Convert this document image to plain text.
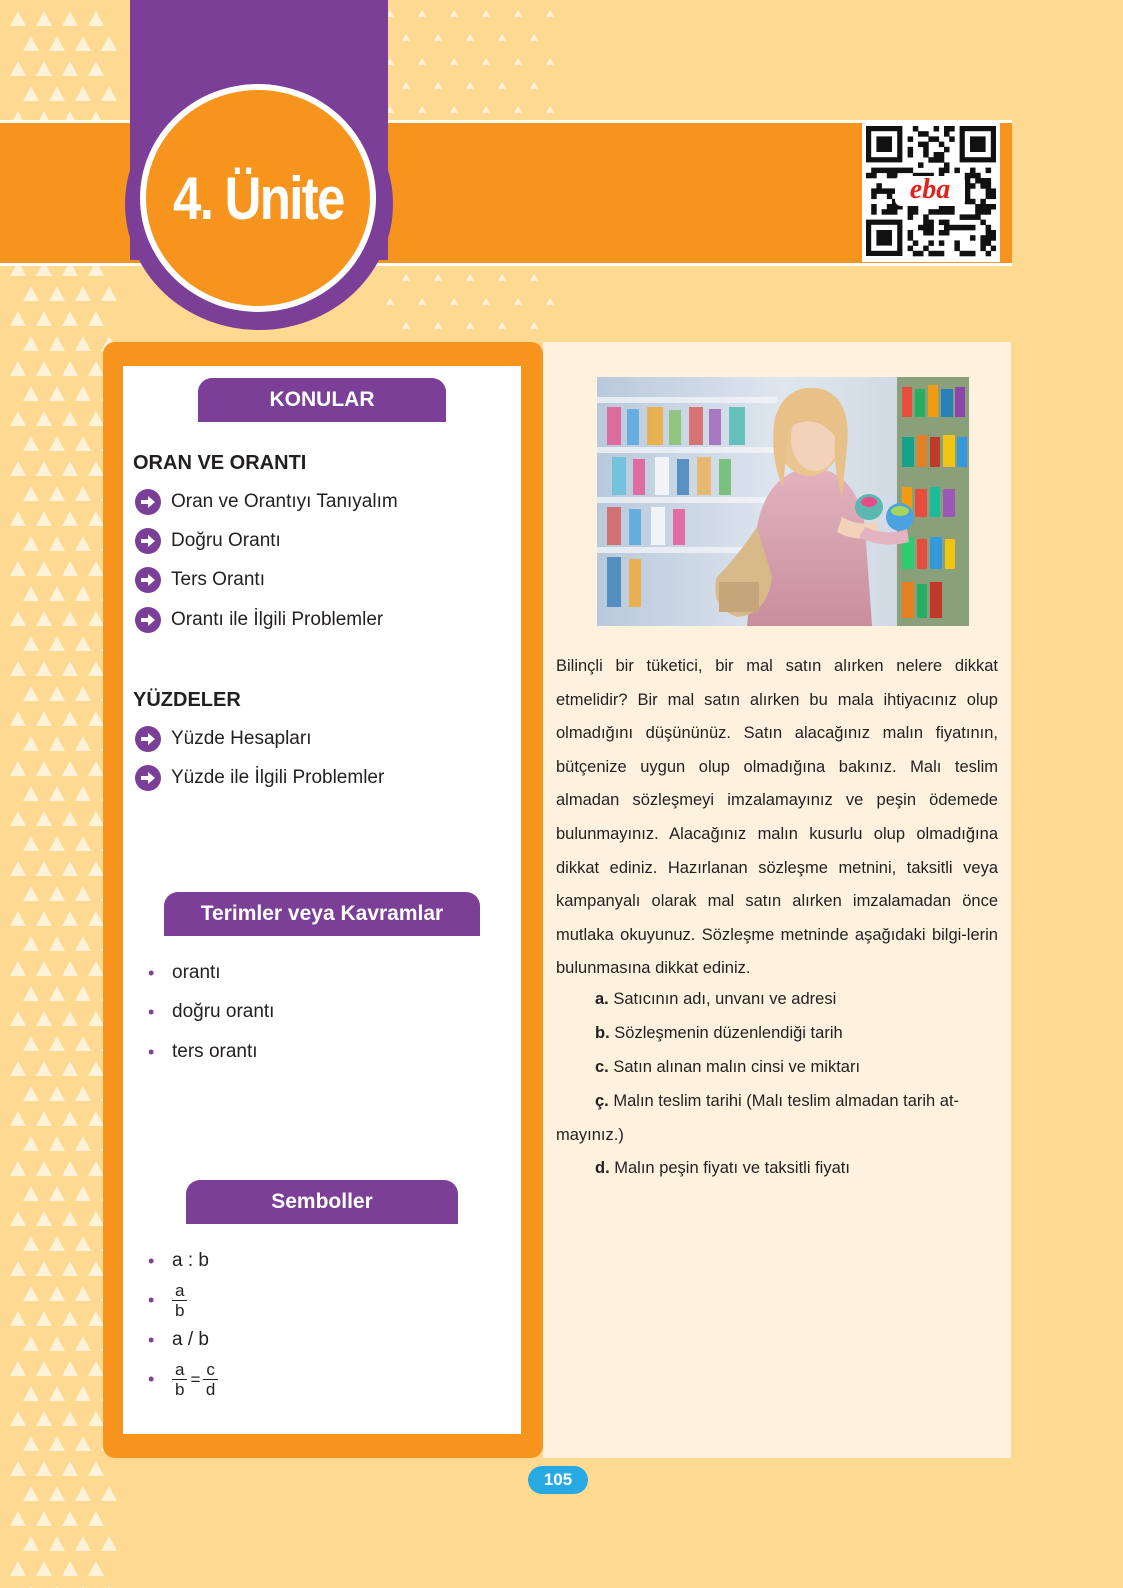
4. Ünite	eba
KONULAR
ORAN VE ORANTI
Oran ve Orantıyı Tanıyalım
Doğru Orantı
Ters Orantı
Orantı ile İlgili Problemler
YÜZDELER
Yüzde Hesapları
Yüzde ile İlgili Problemler
Terimler veya Kavramlar
• orantı
• doğru orantı
• ters orantı
Semboller
• a : b
• $\frac{a}{b}$
• a / b
• $\frac{a}{b} = \frac{c}{d}$
Bilinçli bir tüketici, bir mal satın alırken nelere dikkat etmelidir? Bir mal satın alırken bu mala ihtiyacınız olup olmadığını düşününüz. Satın alacağınız malın fiyatının, bütçenize uygun olup olmadığına bakınız. Malı teslim almadan sözleşmeyi imzalamayınız ve peşin ödemede bulunmayınız. Alacağınız malın kusurlu olup olmadığına dikkat ediniz. Hazırlanan sözleşme metnini, taksitli veya kampanyalı olarak mal satın alırken imzalamadan önce mutlaka okuyunuz. Sözleşme metninde aşağıdaki bilgi-lerin bulunmasına dikkat ediniz.
a. Satıcının adı, unvanı ve adresi
b. Sözleşmenin düzenlendiği tarih
c. Satın alınan malın cinsi ve miktarı
ç. Malın teslim tarihi (Malı teslim almadan tarih at-
mayınız.)
d. Malın peşin fiyatı ve taksitli fiyatı
105
